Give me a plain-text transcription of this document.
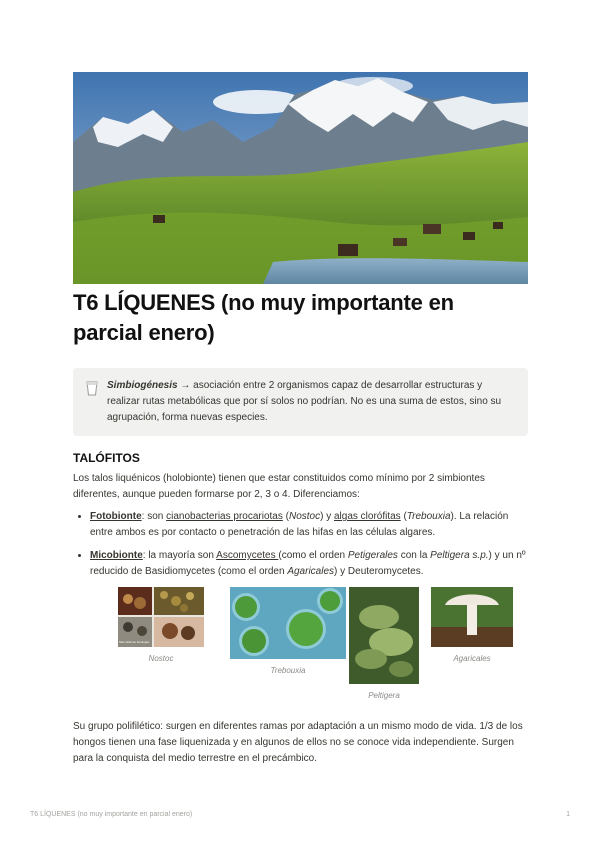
T6 LÍQUENES (no muy importante en parcial enero)
Simbiogénesis → asociación entre 2 organismos capaz de desarrollar estructuras y realizar rutas metabólicas que por sí solos no podrían. No es una suma de estos, sino su agrupación, forma nuevas especies.
TALÓFITOS

Los talos liquénicos (holobionte) tienen que estar constituidos como mínimo por 2 simbiontes diferentes, aunque pueden formarse por 2, 3 o 4. Diferenciamos:

• Fotobionte: son cianobacterias procariotas (Nostoc) y algas clorófitas (Trebouxia). La relación entre ambos es por contacto o penetración de las hifas en las células algares.
• Micobionte: la mayoría son Ascomycetes (como el orden Petigerales con la Peltigera s.p.) y un nº reducido de Basidiomycetes (como el orden Agaricales) y Deuteromycetes.
Sitio Web de Ficología
Nostoc
Trebouxia
Peltigera
Agaricales

Su grupo polifilético: surgen en diferentes ramas por adaptación a un mismo modo de vida. 1/3 de los hongos tienen una fase liquenizada y en algunos de ellos no se conoce vida independiente. Surgen para la conquista del medio terrestre en el precámbico.

T6 LÍQUENES (no muy importante en parcial enero)	1
